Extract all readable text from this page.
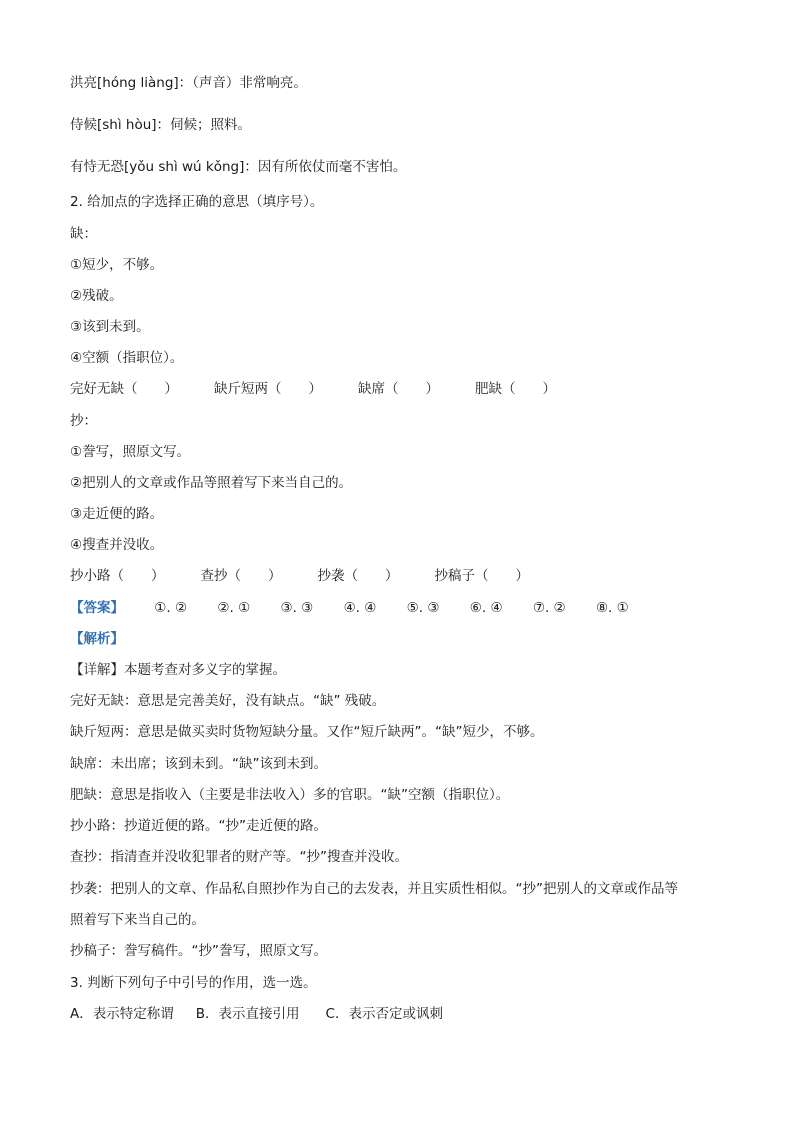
洪亮[hóng liàng]：（声音）非常响亮。
侍候[shì hòu]：伺候；照料。
有恃无恐[yǒu shì wú kǒng]：因有所依仗而毫不害怕。
2. 给加点的字选择正确的意思（填序号）。
缺：
①短少，不够。
②残破。
③该到未到。
④空额（指职位）。
完好无缺（　　）	缺斤短两（　　）	缺席（　　）	肥缺（　　）
抄：
①誊写，照原文写。
②把别人的文章或作品等照着写下来当自己的。
③走近便的路。
④搜查并没收。
抄小路（　　）	查抄（　　）	抄袭（　　）	抄稿子（　　）
【答案】 ①. ② ②. ① ③. ③ ④. ④ ⑤. ③ ⑥. ④ ⑦. ② ⑧. ①
【解析】
【详解】本题考查对多义字的掌握。
完好无缺：意思是完善美好，没有缺点。“缺” 残破。
缺斤短两：意思是做买卖时货物短缺分量。又作“短斤缺两”。“缺”短少，不够。
缺席：未出席；该到未到。“缺”该到未到。
肥缺：意思是指收入（主要是非法收入）多的官职。“缺”空额（指职位）。
抄小路：抄道近便的路。“抄”走近便的路。
查抄：指清查并没收犯罪者的财产等。“抄”搜查并没收。
抄袭：把别人的文章、作品私自照抄作为自己的去发表，并且实质性相似。“抄”把别人的文章或作品等
照着写下来当自己的。
抄稿子：誊写稿件。“抄”誊写，照原文写。
3. 判断下列句子中引号的作用，选一选。
A．表示特定称谓 B．表示直接引用 C．表示否定或讽刺
